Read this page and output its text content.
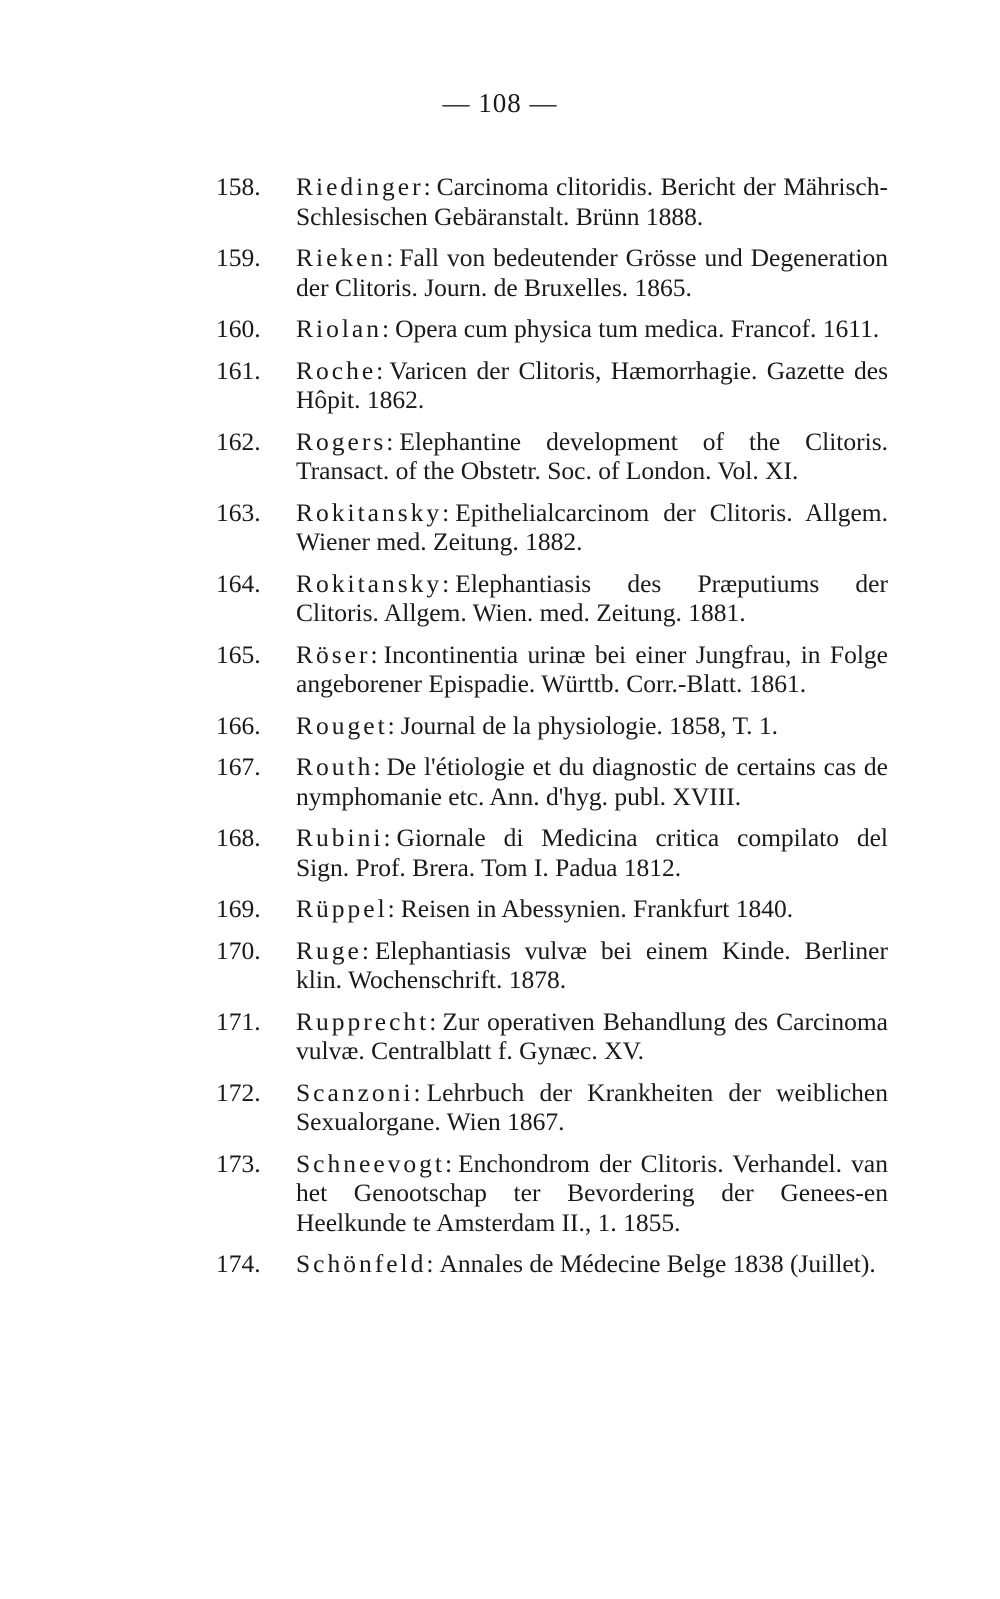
— 108 —
158.	Riedinger: Carcinoma clitoridis. Bericht der Mährisch-Schlesischen Gebäranstalt. Brünn 1888.
159.	Rieken: Fall von bedeutender Grösse und Degeneration der Clitoris. Journ. de Bruxelles. 1865.
160.	Riolan: Opera cum physica tum medica. Francof. 1611.
161.	Roche: Varicen der Clitoris, Hæmorrhagie. Gazette des Hôpit. 1862.
162.	Rogers: Elephantine development of the Clitoris. Transact. of the Obstetr. Soc. of London. Vol. XI.
163.	Rokitansky: Epithelialcarcinom der Clitoris. Allgem. Wiener med. Zeitung. 1882.
164.	Rokitansky: Elephantiasis des Præputiums der Clitoris. Allgem. Wien. med. Zeitung. 1881.
165.	Röser: Incontinentia urinæ bei einer Jungfrau, in Folge angeborener Epispadie. Württb. Corr.-Blatt. 1861.
166.	Rouget: Journal de la physiologie. 1858, T. 1.
167.	Routh: De l'étiologie et du diagnostic de certains cas de nymphomanie etc. Ann. d'hyg. publ. XVIII.
168.	Rubini: Giornale di Medicina critica compilato del Sign. Prof. Brera. Tom I. Padua 1812.
169.	Rüppel: Reisen in Abessynien. Frankfurt 1840.
170.	Ruge: Elephantiasis vulvæ bei einem Kinde. Berliner klin. Wochenschrift. 1878.
171.	Rupprecht: Zur operativen Behandlung des Carcinoma vulvæ. Centralblatt f. Gynæc. XV.
172.	Scanzoni: Lehrbuch der Krankheiten der weiblichen Sexualorgane. Wien 1867.
173.	Schneevogt: Enchondrom der Clitoris. Verhandel. van het Genootschap ter Bevordering der Genees-en Heelkunde te Amsterdam II., 1. 1855.
174.	Schönfeld: Annales de Médecine Belge 1838 (Juillet).
